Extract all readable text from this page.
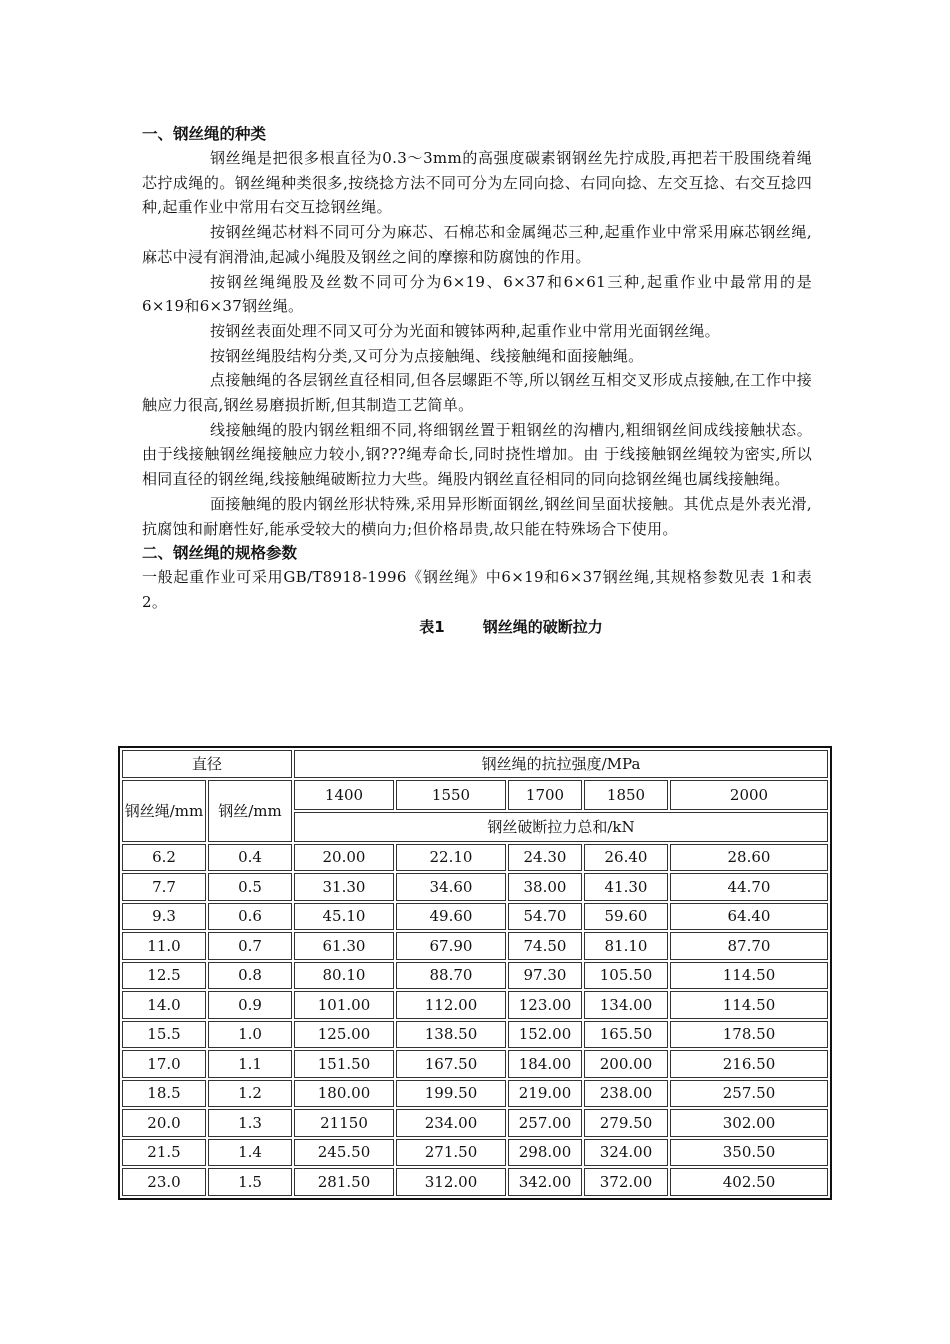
一、钢丝绳的种类

钢丝绳是把很多根直径为0.3～3mm的高强度碳素钢钢丝先拧成股,再把若干股围绕着绳芯拧成绳的。钢丝绳种类很多,按绕捻方法不同可分为左同向捻、右同向捻、左交互捻、右交互捻四种,起重作业中常用右交互捻钢丝绳。

按钢丝绳芯材料不同可分为麻芯、石棉芯和金属绳芯三种,起重作业中常采用麻芯钢丝绳,麻芯中浸有润滑油,起减小绳股及钢丝之间的摩擦和防腐蚀的作用。

按钢丝绳绳股及丝数不同可分为6×19、6×37和6×61三种,起重作业中最常用的是6×19和6×37钢丝绳。

按钢丝表面处理不同又可分为光面和镀钵两种,起重作业中常用光面钢丝绳。

按钢丝绳股结构分类,又可分为点接触绳、线接触绳和面接触绳。

点接触绳的各层钢丝直径相同,但各层螺距不等,所以钢丝互相交叉形成点接触,在工作中接触应力很高,钢丝易磨损折断,但其制造工艺简单。

线接触绳的股内钢丝粗细不同,将细钢丝置于粗钢丝的沟槽内,粗细钢丝间成线接触状态。由于线接触钢丝绳接触应力较小,钢???绳寿命长,同时挠性增加。由 于线接触钢丝绳较为密实,所以相同直径的钢丝绳,线接触绳破断拉力大些。绳股内钢丝直径相同的同向捻钢丝绳也属线接触绳。

面接触绳的股内钢丝形状特殊,采用异形断面钢丝,钢丝间呈面状接触。其优点是外表光滑,抗腐蚀和耐磨性好,能承受较大的横向力;但价格昂贵,故只能在特殊场合下使用。

二、钢丝绳的规格参数

一般起重作业可采用GB/T8918-1996《钢丝绳》中6×19和6×37钢丝绳,其规格参数见表 1和表2。

表1	钢丝绳的破断拉力

直径		钢丝绳的抗拉强度/MPa				
钢丝绳/mm	钢丝/mm	1400	1550	1700	1850	2000
		钢丝破断拉力总和/kN				
6.2	0.4	20.00	22.10	24.30	26.40	28.60
7.7	0.5	31.30	34.60	38.00	41.30	44.70
9.3	0.6	45.10	49.60	54.70	59.60	64.40
11.0	0.7	61.30	67.90	74.50	81.10	87.70
12.5	0.8	80.10	88.70	97.30	105.50	114.50
14.0	0.9	101.00	112.00	123.00	134.00	114.50
15.5	1.0	125.00	138.50	152.00	165.50	178.50
17.0	1.1	151.50	167.50	184.00	200.00	216.50
18.5	1.2	180.00	199.50	219.00	238.00	257.50
20.0	1.3	21150	234.00	257.00	279.50	302.00
21.5	1.4	245.50	271.50	298.00	324.00	350.50
23.0	1.5	281.50	312.00	342.00	372.00	402.50
